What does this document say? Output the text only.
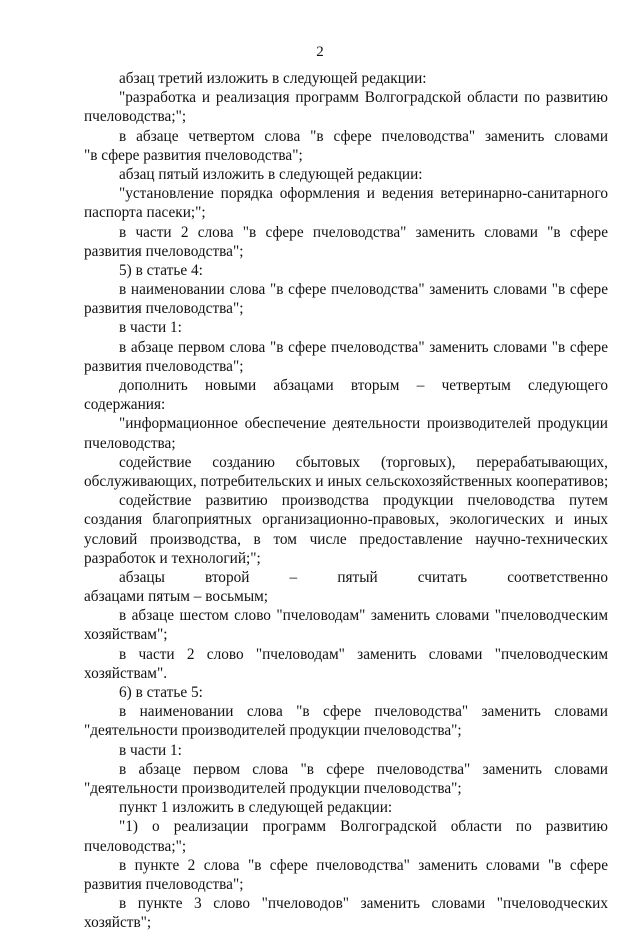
2
абзац третий изложить в следующей редакции:
"разработка и реализация программ Волгоградской области по развитию
пчеловодства;";
в абзаце четвертом слова "в сфере пчеловодства" заменить словами
"в сфере развития пчеловодства";
абзац пятый изложить в следующей редакции:
"установление порядка оформления и ведения ветеринарно-санитарного
паспорта пасеки;";
в части 2 слова "в сфере пчеловодства" заменить словами "в сфере
развития пчеловодства";
5) в статье 4:
в наименовании слова "в сфере пчеловодства" заменить словами "в сфере
развития пчеловодства";
в части 1:
в абзаце первом слова "в сфере пчеловодства" заменить словами "в сфере
развития пчеловодства";
дополнить новыми абзацами вторым – четвертым следующего
содержания:
"информационное обеспечение деятельности производителей продукции
пчеловодства;
содействие созданию сбытовых (торговых), перерабатывающих,
обслуживающих, потребительских и иных сельскохозяйственных кооперативов;
содействие развитию производства продукции пчеловодства путем
создания благоприятных организационно-правовых, экологических и иных
условий производства, в том числе предоставление научно-технических
разработок и технологий;";
абзацы второй – пятый считать соответственно
абзацами пятым – восьмым;
в абзаце шестом слово "пчеловодам" заменить словами "пчеловодческим
хозяйствам";
в части 2 слово "пчеловодам" заменить словами "пчеловодческим
хозяйствам".
6) в статье 5:
в наименовании слова "в сфере пчеловодства" заменить словами
"деятельности производителей продукции пчеловодства";
в части 1:
в абзаце первом слова "в сфере пчеловодства" заменить словами
"деятельности производителей продукции пчеловодства";
пункт 1 изложить в следующей редакции:
"1) о реализации программ Волгоградской области по развитию
пчеловодства;";
в пункте 2 слова "в сфере пчеловодства" заменить словами "в сфере
развития пчеловодства";
в пункте 3 слово "пчеловодов" заменить словами "пчеловодческих
хозяйств";
